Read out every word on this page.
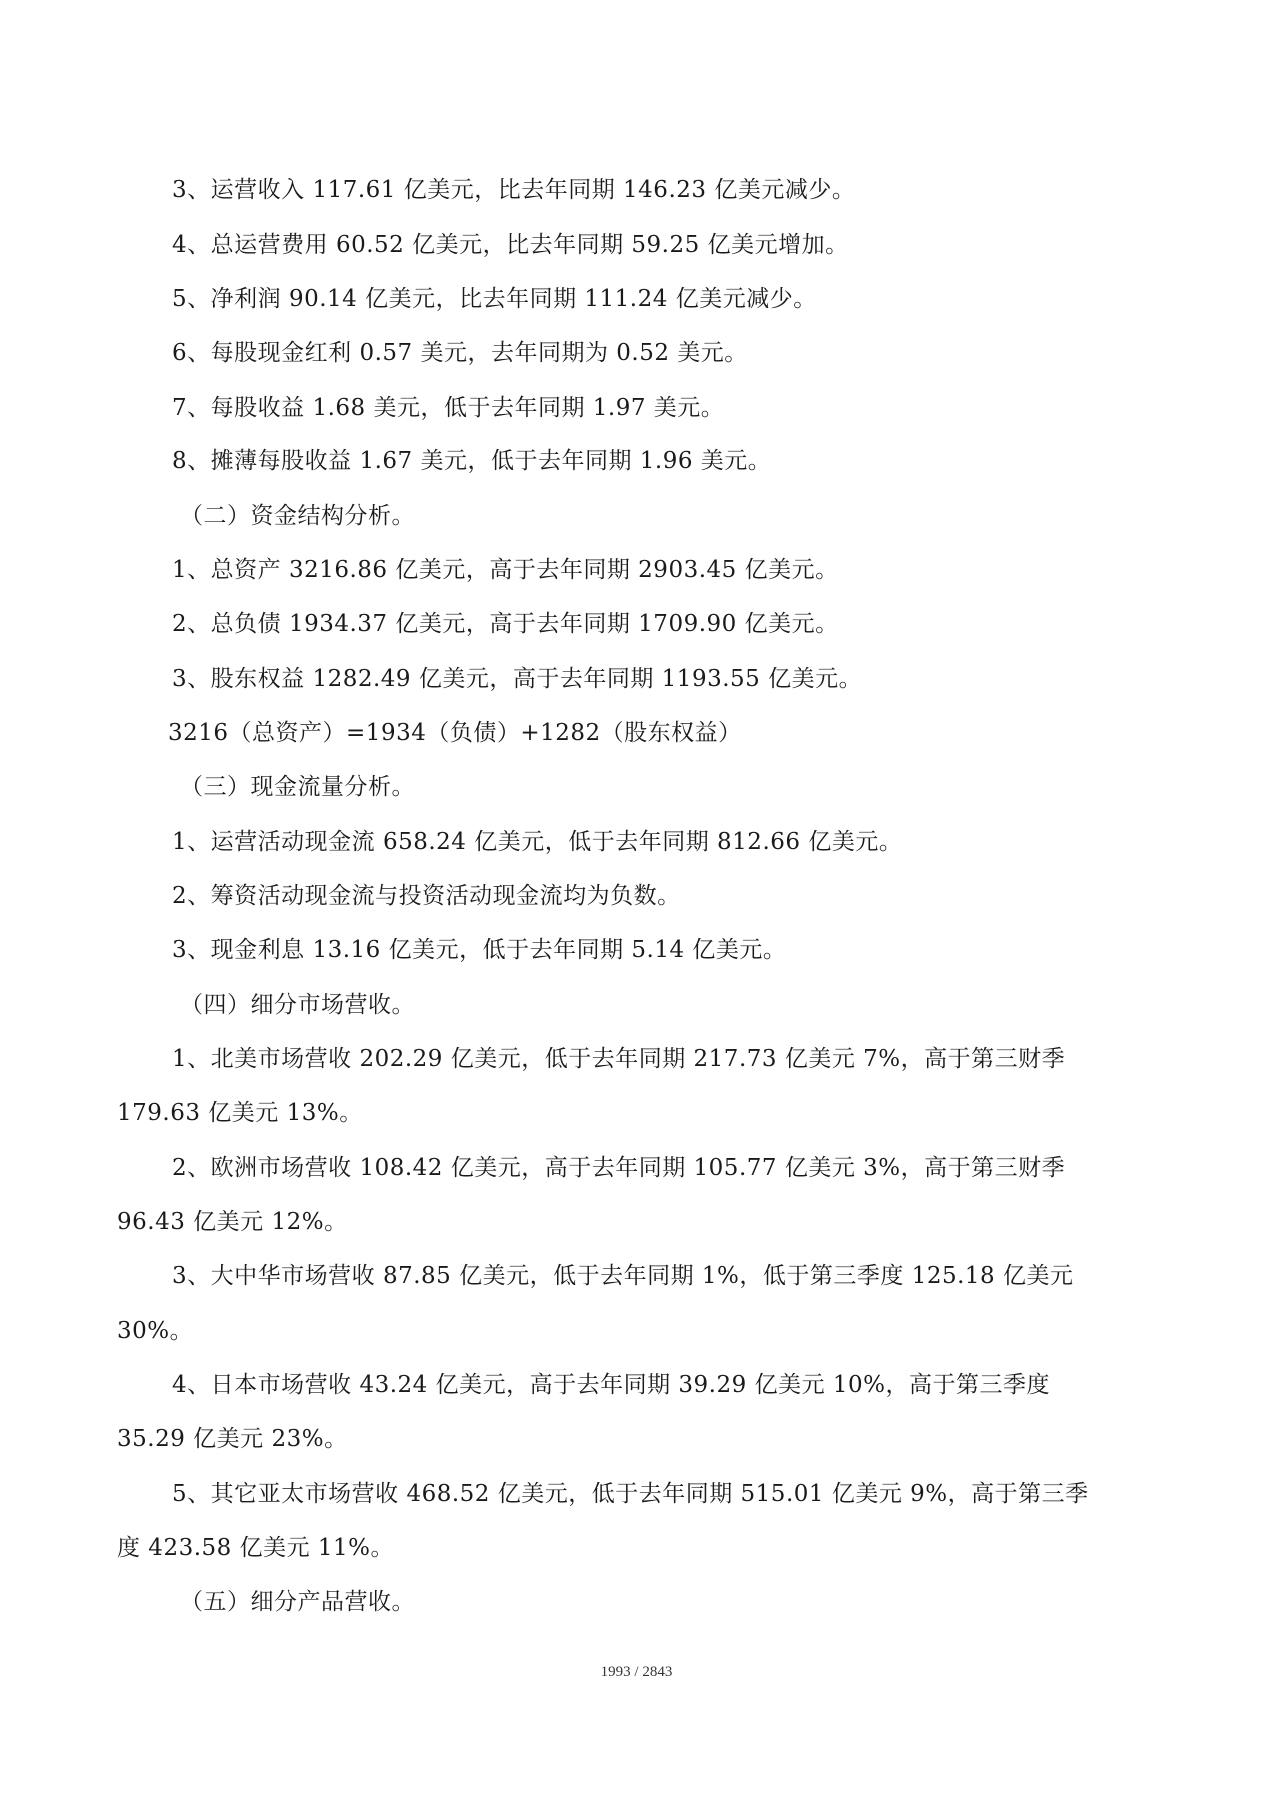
3、运营收入 117.61 亿美元，比去年同期 146.23 亿美元减少。
4、总运营费用 60.52 亿美元，比去年同期 59.25 亿美元增加。
5、净利润 90.14 亿美元，比去年同期 111.24 亿美元减少。
6、每股现金红利 0.57 美元，去年同期为 0.52 美元。
7、每股收益 1.68 美元，低于去年同期 1.97 美元。
8、摊薄每股收益 1.67 美元，低于去年同期 1.96 美元。
（二）资金结构分析。
1、总资产 3216.86 亿美元，高于去年同期 2903.45 亿美元。
2、总负债 1934.37 亿美元，高于去年同期 1709.90 亿美元。
3、股东权益 1282.49 亿美元，高于去年同期 1193.55 亿美元。
3216（总资产）=1934（负债）+1282（股东权益）
（三）现金流量分析。
1、运营活动现金流 658.24 亿美元，低于去年同期 812.66 亿美元。
2、筹资活动现金流与投资活动现金流均为负数。
3、现金利息 13.16 亿美元，低于去年同期 5.14 亿美元。
（四）细分市场营收。
1、北美市场营收 202.29 亿美元，低于去年同期 217.73 亿美元 7%，高于第三财季
179.63 亿美元 13%。
2、欧洲市场营收 108.42 亿美元，高于去年同期 105.77 亿美元 3%，高于第三财季
96.43 亿美元 12%。
3、大中华市场营收 87.85 亿美元，低于去年同期 1%，低于第三季度 125.18 亿美元
30%。
4、日本市场营收 43.24 亿美元，高于去年同期 39.29 亿美元 10%，高于第三季度
35.29 亿美元 23%。
5、其它亚太市场营收 468.52 亿美元，低于去年同期 515.01 亿美元 9%，高于第三季
度 423.58 亿美元 11%。
（五）细分产品营收。
1993 / 2843
